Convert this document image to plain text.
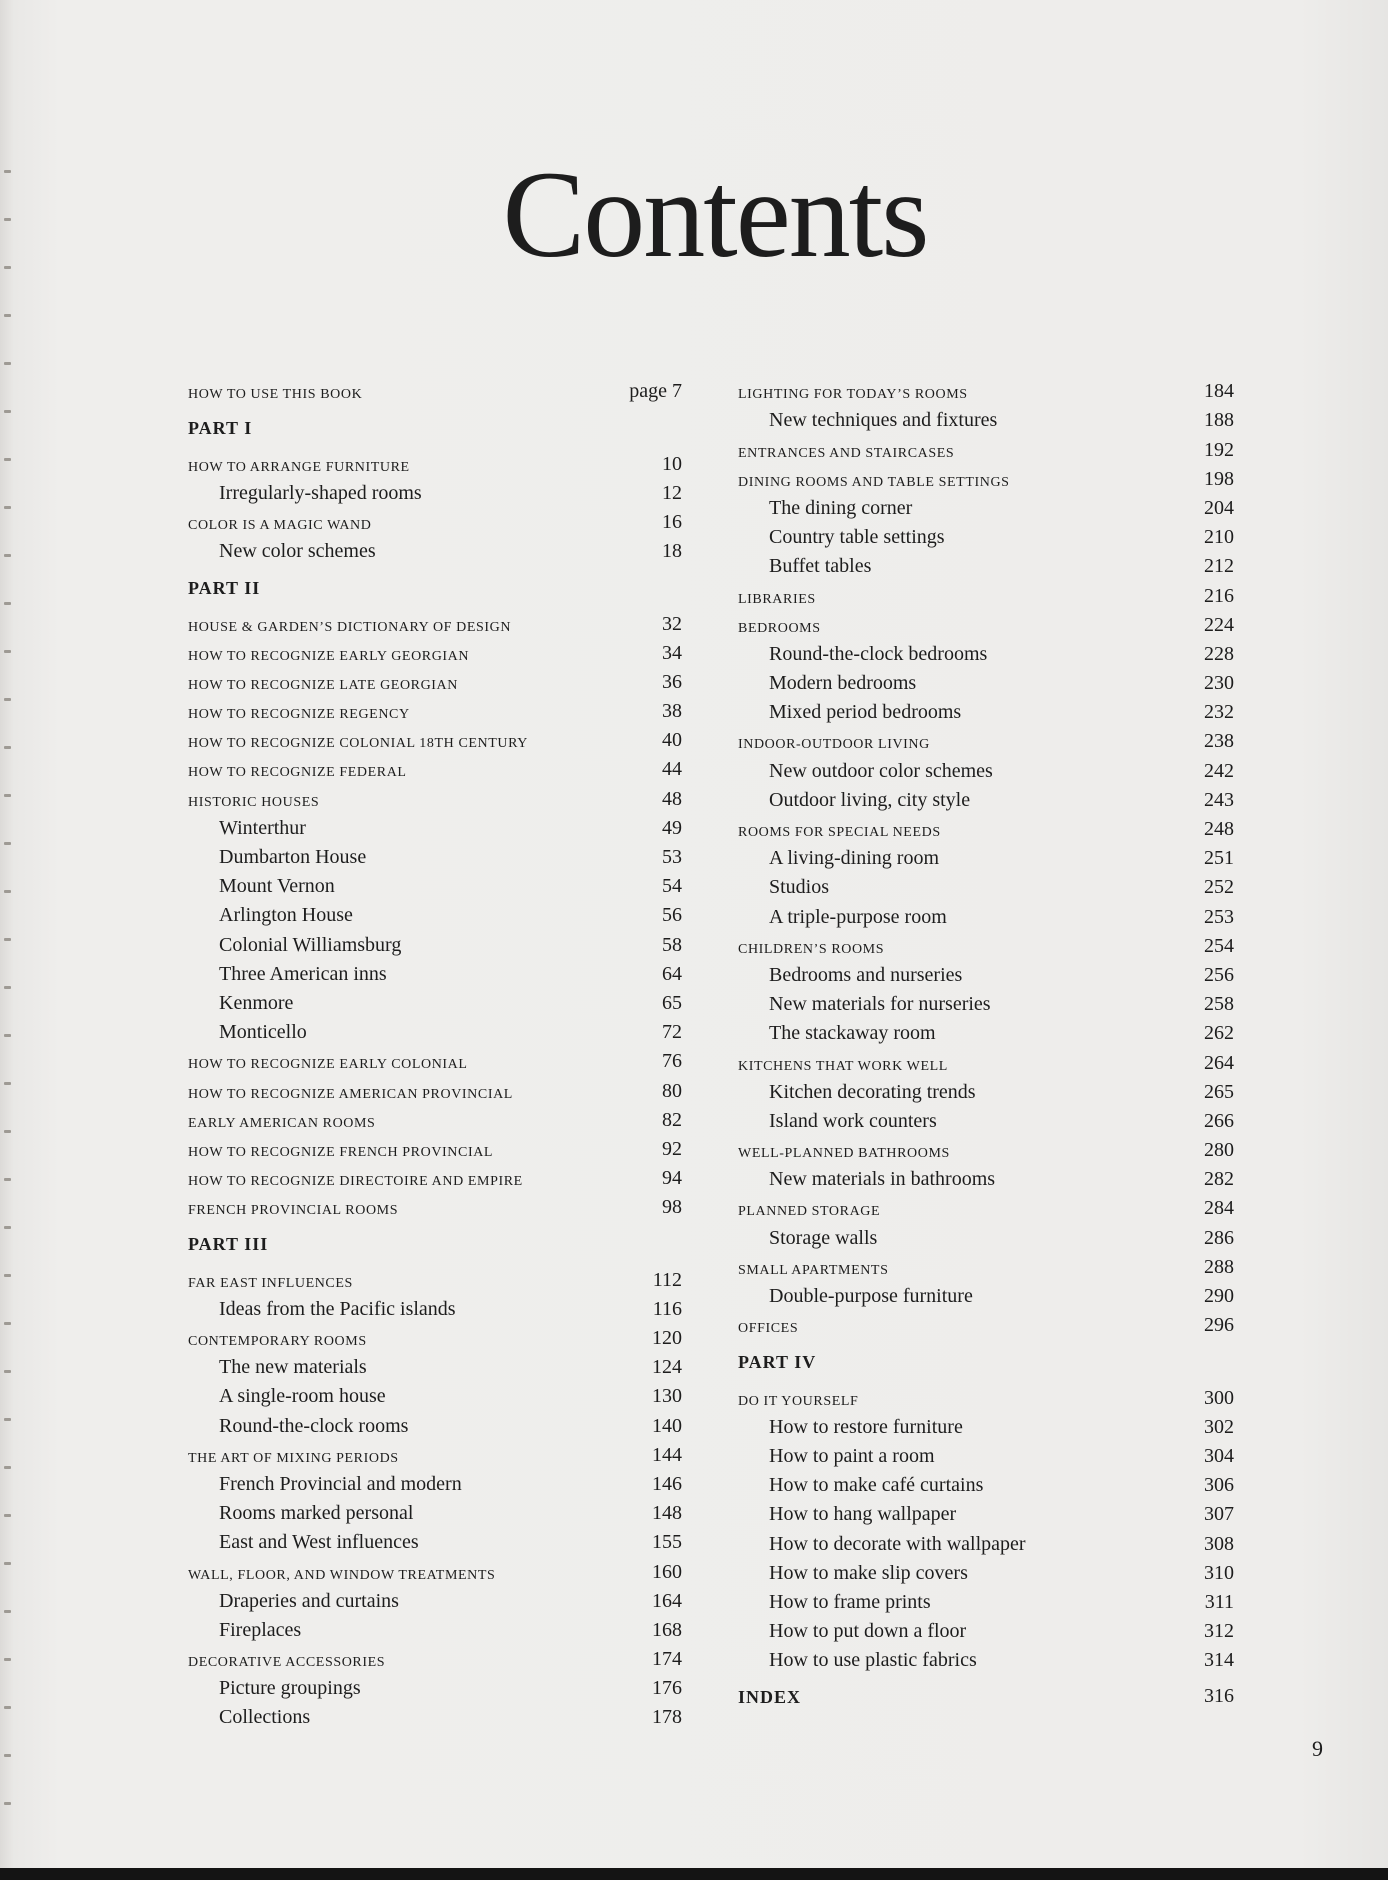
Contents
HOW TO USE THIS BOOK	page 7
PART I
HOW TO ARRANGE FURNITURE	10
Irregularly-shaped rooms	12
COLOR IS A MAGIC WAND	16
New color schemes	18
PART II
HOUSE & GARDEN’S DICTIONARY OF DESIGN	32
HOW TO RECOGNIZE EARLY GEORGIAN	34
HOW TO RECOGNIZE LATE GEORGIAN	36
HOW TO RECOGNIZE REGENCY	38
HOW TO RECOGNIZE COLONIAL 18TH CENTURY	40
HOW TO RECOGNIZE FEDERAL	44
HISTORIC HOUSES	48
Winterthur	49
Dumbarton House	53
Mount Vernon	54
Arlington House	56
Colonial Williamsburg	58
Three American inns	64
Kenmore	65
Monticello	72
HOW TO RECOGNIZE EARLY COLONIAL	76
HOW TO RECOGNIZE AMERICAN PROVINCIAL	80
EARLY AMERICAN ROOMS	82
HOW TO RECOGNIZE FRENCH PROVINCIAL	92
HOW TO RECOGNIZE DIRECTOIRE AND EMPIRE	94
FRENCH PROVINCIAL ROOMS	98
PART III
FAR EAST INFLUENCES	112
Ideas from the Pacific islands	116
CONTEMPORARY ROOMS	120
The new materials	124
A single-room house	130
Round-the-clock rooms	140
THE ART OF MIXING PERIODS	144
French Provincial and modern	146
Rooms marked personal	148
East and West influences	155
WALL, FLOOR, AND WINDOW TREATMENTS	160
Draperies and curtains	164
Fireplaces	168
DECORATIVE ACCESSORIES	174
Picture groupings	176
Collections	178
LIGHTING FOR TODAY’S ROOMS	184
New techniques and fixtures	188
ENTRANCES AND STAIRCASES	192
DINING ROOMS AND TABLE SETTINGS	198
The dining corner	204
Country table settings	210
Buffet tables	212
LIBRARIES	216
BEDROOMS	224
Round-the-clock bedrooms	228
Modern bedrooms	230
Mixed period bedrooms	232
INDOOR-OUTDOOR LIVING	238
New outdoor color schemes	242
Outdoor living, city style	243
ROOMS FOR SPECIAL NEEDS	248
A living-dining room	251
Studios	252
A triple-purpose room	253
CHILDREN’S ROOMS	254
Bedrooms and nurseries	256
New materials for nurseries	258
The stackaway room	262
KITCHENS THAT WORK WELL	264
Kitchen decorating trends	265
Island work counters	266
WELL-PLANNED BATHROOMS	280
New materials in bathrooms	282
PLANNED STORAGE	284
Storage walls	286
SMALL APARTMENTS	288
Double-purpose furniture	290
OFFICES	296
PART IV
DO IT YOURSELF	300
How to restore furniture	302
How to paint a room	304
How to make café curtains	306
How to hang wallpaper	307
How to decorate with wallpaper	308
How to make slip covers	310
How to frame prints	311
How to put down a floor	312
How to use plastic fabrics	314
INDEX	316
9
